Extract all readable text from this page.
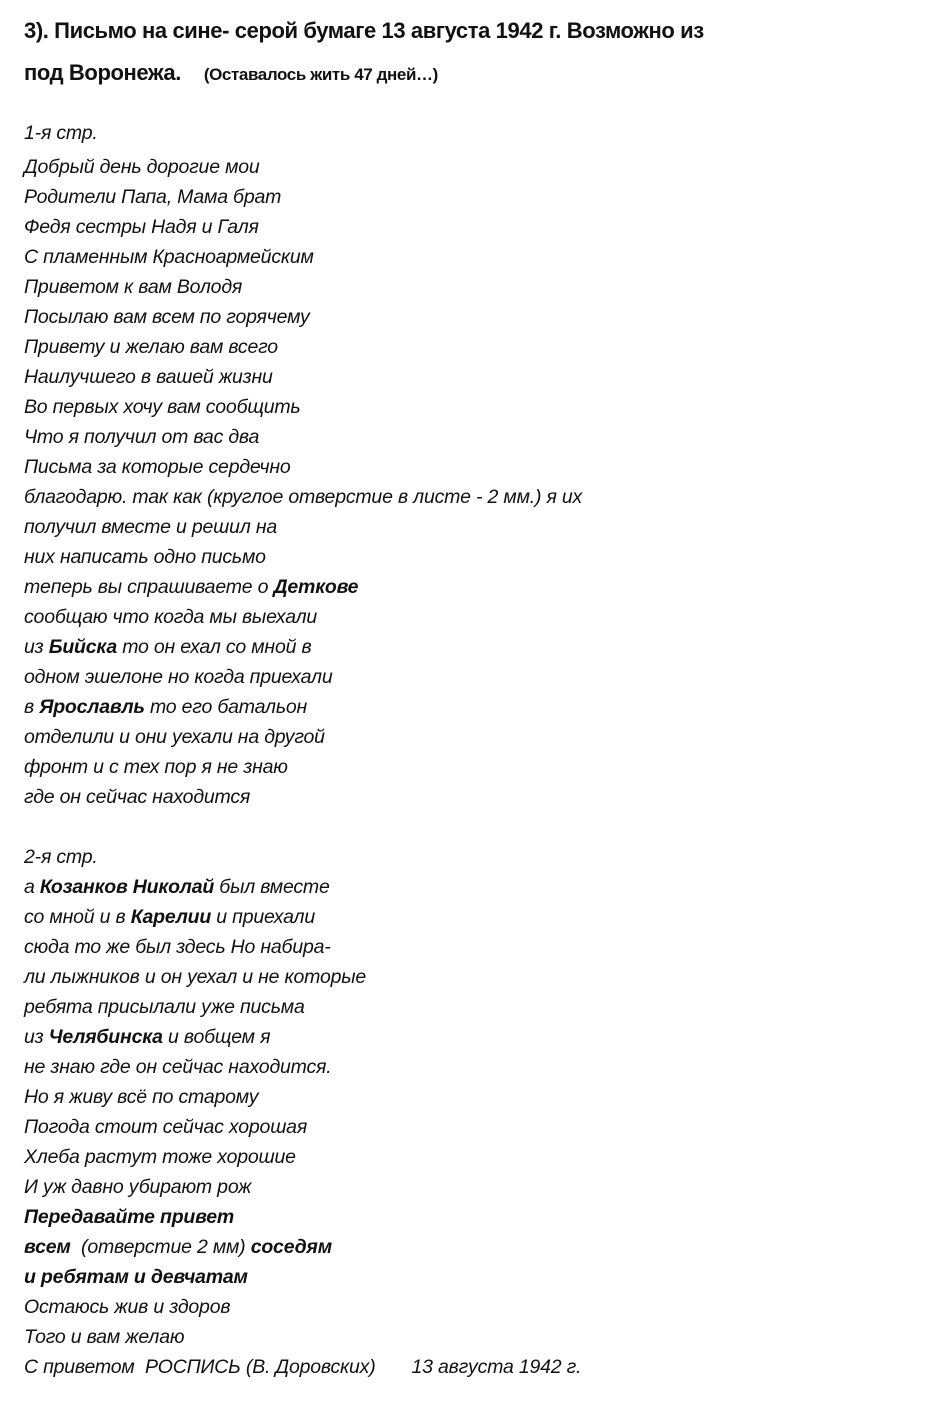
3). Письмо на сине- серой бумаге 13 августа 1942 г. Возможно из
под Воронежа. (Оставалось жить 47 дней…)
1-я стр.
Добрый день дорогие мои
Родители Папа, Мама брат
Федя сестры Надя и Галя
С пламенным Красноармейским
Приветом к вам Володя
Посылаю вам всем по горячему
Привету и желаю вам всего
Наилучшего в вашей жизни
Во первых хочу вам сообщить
Что я получил от вас два
Письма за которые сердечно
благодарю. так как (круглое отверстие в листе - 2 мм.) я их
получил вместе и решил на
них написать одно письмо
теперь вы спрашиваете о Деткове
сообщаю что когда мы выехали
из Бийска то он ехал со мной в
одном эшелоне но когда приехали
в Ярославль то его батальон
отделили и они уехали на другой
фронт и с тех пор я не знаю
где он сейчас находится
2-я стр.
а Козанков Николай был вместе
со мной и в Карелии и приехали
сюда то же был здесь Но набира-
ли лыжников и он уехал и не которые
ребята присылали уже письма
из Челябинска и вобщем я
не знаю где он сейчас находится.
Но я живу всё по старому
Погода стоит сейчас хорошая
Хлеба растут тоже хорошие
И уж давно убирают рож
Передавайте привет
всем  (отверстие 2 мм) соседям
и ребятам и девчатам
Остаюсь жив и здоров
Того и вам желаю
С приветом  РОСПИСЬ (В. Доровских) 13 августа 1942 г.
